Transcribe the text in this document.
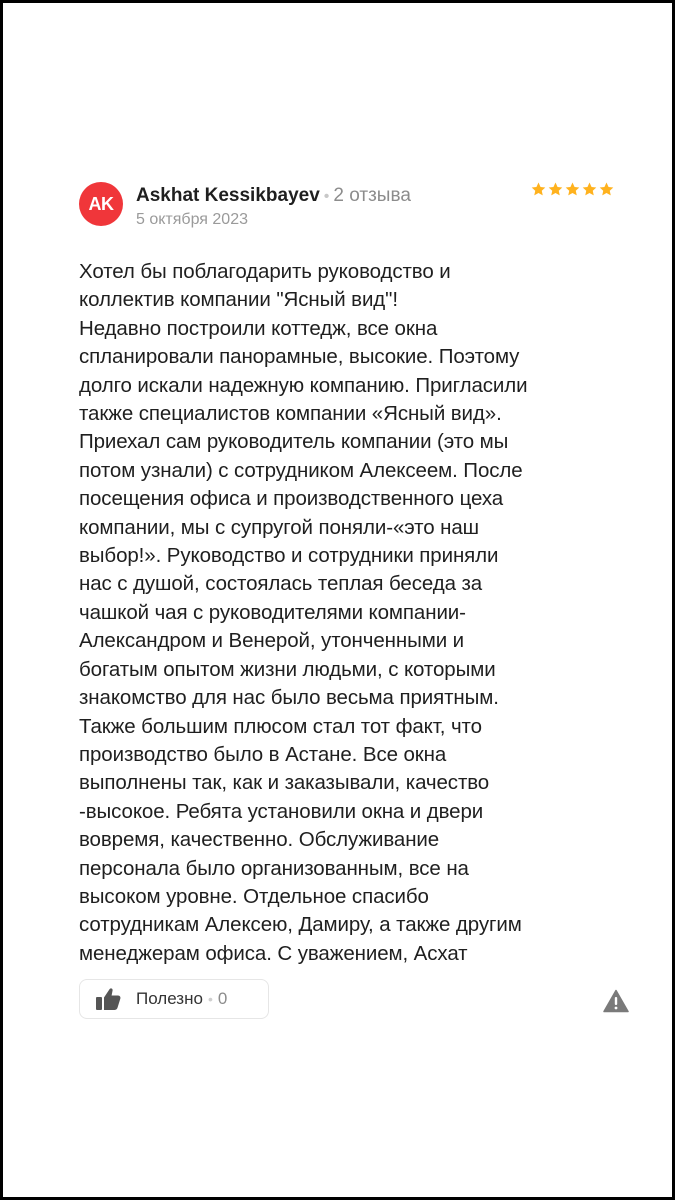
AK Askhat Kessikbayev • 2 отзыва
5 октября 2023
Хотел бы поблагодарить руководство и
коллектив компании "Ясный вид"!
Недавно построили коттедж, все окна
спланировали панорамные, высокие. Поэтому
долго искали надежную компанию. Пригласили
также специалистов компании «Ясный вид».
Приехал сам руководитель компании (это мы
потом узнали) с сотрудником Алексеем. После
посещения офиса и производственного цеха
компании, мы с супругой поняли-«это наш
выбор!». Руководство и сотрудники приняли
нас с душой, состоялась теплая беседа за
чашкой чая с руководителями компании-
Александром и Венерой, утонченными и
богатым опытом жизни людьми, с которыми
знакомство для нас было весьма приятным.
Также большим плюсом стал тот факт, что
производство было в Астане. Все окна
выполнены так, как и заказывали, качество
-высокое. Ребята установили окна и двери
вовремя, качественно. Обслуживание
персонала было организованным, все на
высоком уровне. Отдельное спасибо
сотрудникам Алексею, Дамиру, а также другим
менеджерам офиса. С уважением, Асхат
Полезно • 0
